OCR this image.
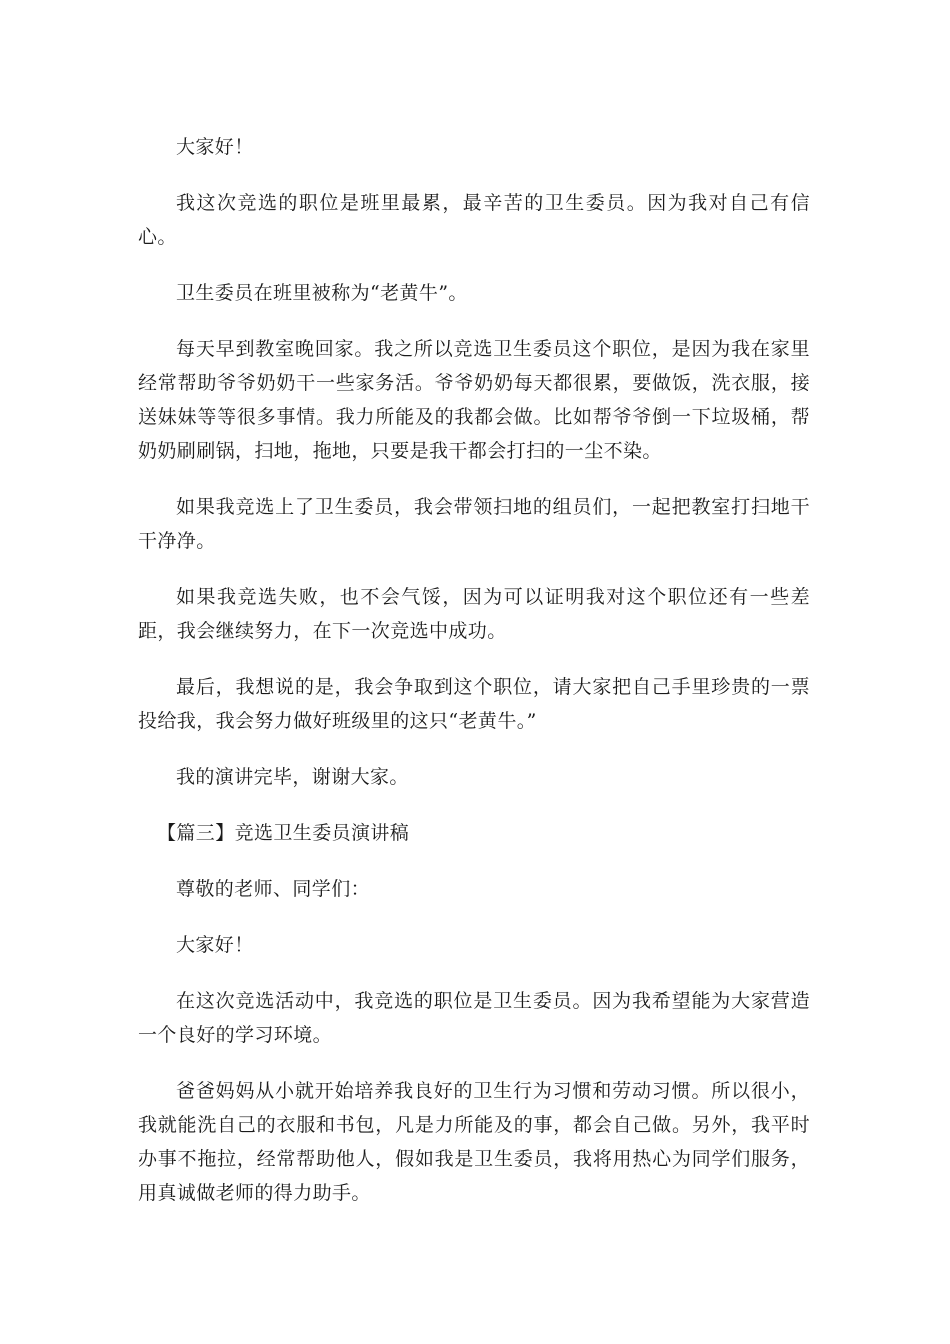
大家好！

我这次竞选的职位是班里最累，最辛苦的卫生委员。因为我对自己有信心。

卫生委员在班里被称为“老黄牛”。

每天早到教室晚回家。我之所以竞选卫生委员这个职位，是因为我在家里经常帮助爷爷奶奶干一些家务活。爷爷奶奶每天都很累，要做饭，洗衣服，接送妹妹等等很多事情。我力所能及的我都会做。比如帮爷爷倒一下垃圾桶，帮奶奶刷刷锅，扫地，拖地，只要是我干都会打扫的一尘不染。

如果我竞选上了卫生委员，我会带领扫地的组员们，一起把教室打扫地干干净净。

如果我竞选失败，也不会气馁，因为可以证明我对这个职位还有一些差距，我会继续努力，在下一次竞选中成功。

最后，我想说的是，我会争取到这个职位，请大家把自己手里珍贵的一票投给我，我会努力做好班级里的这只“老黄牛。”

我的演讲完毕，谢谢大家。

【篇三】竞选卫生委员演讲稿

尊敬的老师、同学们：

大家好！

在这次竞选活动中，我竞选的职位是卫生委员。因为我希望能为大家营造一个良好的学习环境。

爸爸妈妈从小就开始培养我良好的卫生行为习惯和劳动习惯。所以很小，我就能洗自己的衣服和书包，凡是力所能及的事，都会自己做。另外，我平时办事不拖拉，经常帮助他人，假如我是卫生委员，我将用热心为同学们服务，用真诚做老师的得力助手。
